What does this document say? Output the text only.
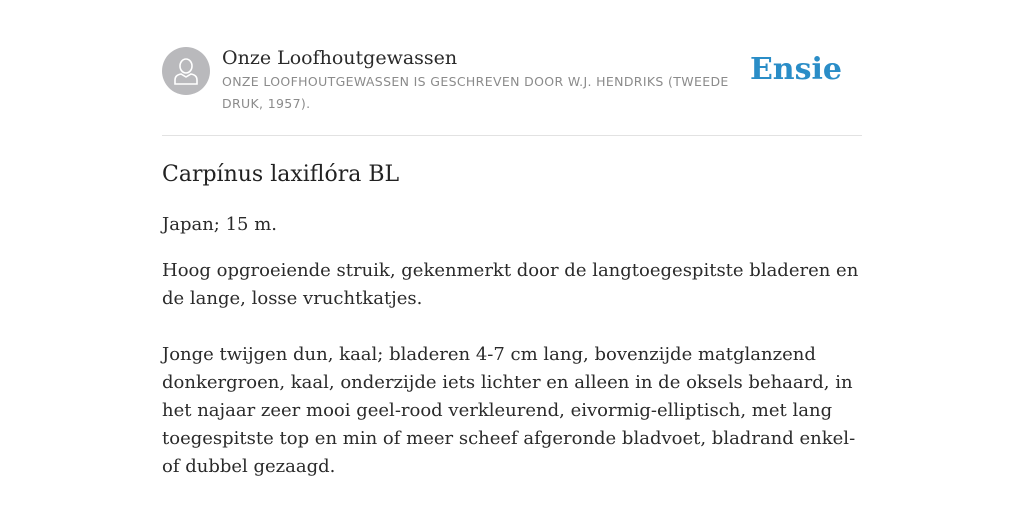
Onze Loofhoutgewassen

ONZE LOOFHOUTGEWASSEN IS GESCHREVEN DOOR W.J. HENDRIKS (TWEEDE DRUK, 1957).

Ensie
Carpínus laxiflóra BL

Japan; 15 m.

Hoog opgroeiende struik, gekenmerkt door de langtoegespitste bladeren en de lange, losse vruchtkatjes.

Jonge twijgen dun, kaal; bladeren 4-7 cm lang, bovenzijde matglanzend donkergroen, kaal, onderzijde iets lichter en alleen in de oksels behaard, in het najaar zeer mooi geel-rood verkleurend, eivormig-elliptisch, met lang toegespitste top en min of meer scheef afgeronde bladvoet, bladrand enkel- of dubbel gezaagd.
